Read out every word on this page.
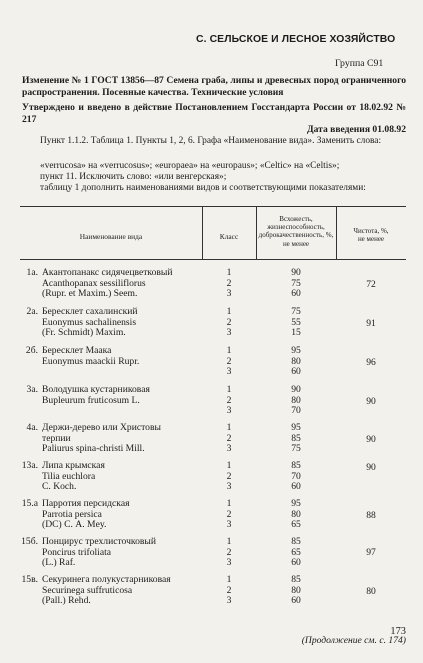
С. СЕЛЬСКОЕ И ЛЕСНОЕ ХОЗЯЙСТВО
Группа С91
Изменение № 1 ГОСТ 13856—87 Семена граба, липы и древесных пород ограниченного распространения. Посевные качества. Технические условия
Утверждено и введено в действие Постановлением Госстандарта России от 18.02.92 № 217
Дата введения 01.08.92
Пункт 1.1.2. Таблица 1. Пункты 1, 2, 6. Графа «Наименование вида». Заменить слова:
«verrucosa» на «verrucosus»; «europaea» на «europaus»; «Celtic» на «Celtis»;
пункт 11. Исключить слово: «или венгерская»;
таблицу 1 дополнить наименованиями видов и соответствующими показателями:
Наименование вида	Класс
Всхожесть, жизнеспособность,
доброкачественность, %, не менее
Чистота, %,
не менее
1а. Акантопанакс сидячецветковый
Acanthopanax sessiliflorus
(Rupr. et Maxim.) Seem.
1
2
3
90
75
60
72
2а. Бересклет сахалинский
Euonymus sachalinensis
(Fr. Schmidt) Maxim.
1
2
3
75
55
15
91
2б. Бересклет Маака
Euonymus maackii Rupr.
1
2
3
95
80
60
96
3а. Володушка кустарниковая
Bupleurum fruticosum L.
1
2
3
90
80
70
90
4а. Держи-дерево или Христовы
терпии
Paliurus spina-christi Mill.
1
2
3
95
85
75
90
13а. Липа крымская
Tilia euchlora
C. Koch.
1
2
3
85
70
60
90
15.а Парротия персидская
Parrotia persica
(DC) С. A. Mey.
1
2
3
95
80
65
88
15б. Понцирус трехлисточковый
Poncirus trifoliata
(L.) Raf.
1
2
3
85
65
60
97
15в. Секуринега полукустарниковая
Securinega suffruticosa
(Pall.) Rehd.
1
2
3
85
80
60
80
(Продолжение см. с. 174)
173
